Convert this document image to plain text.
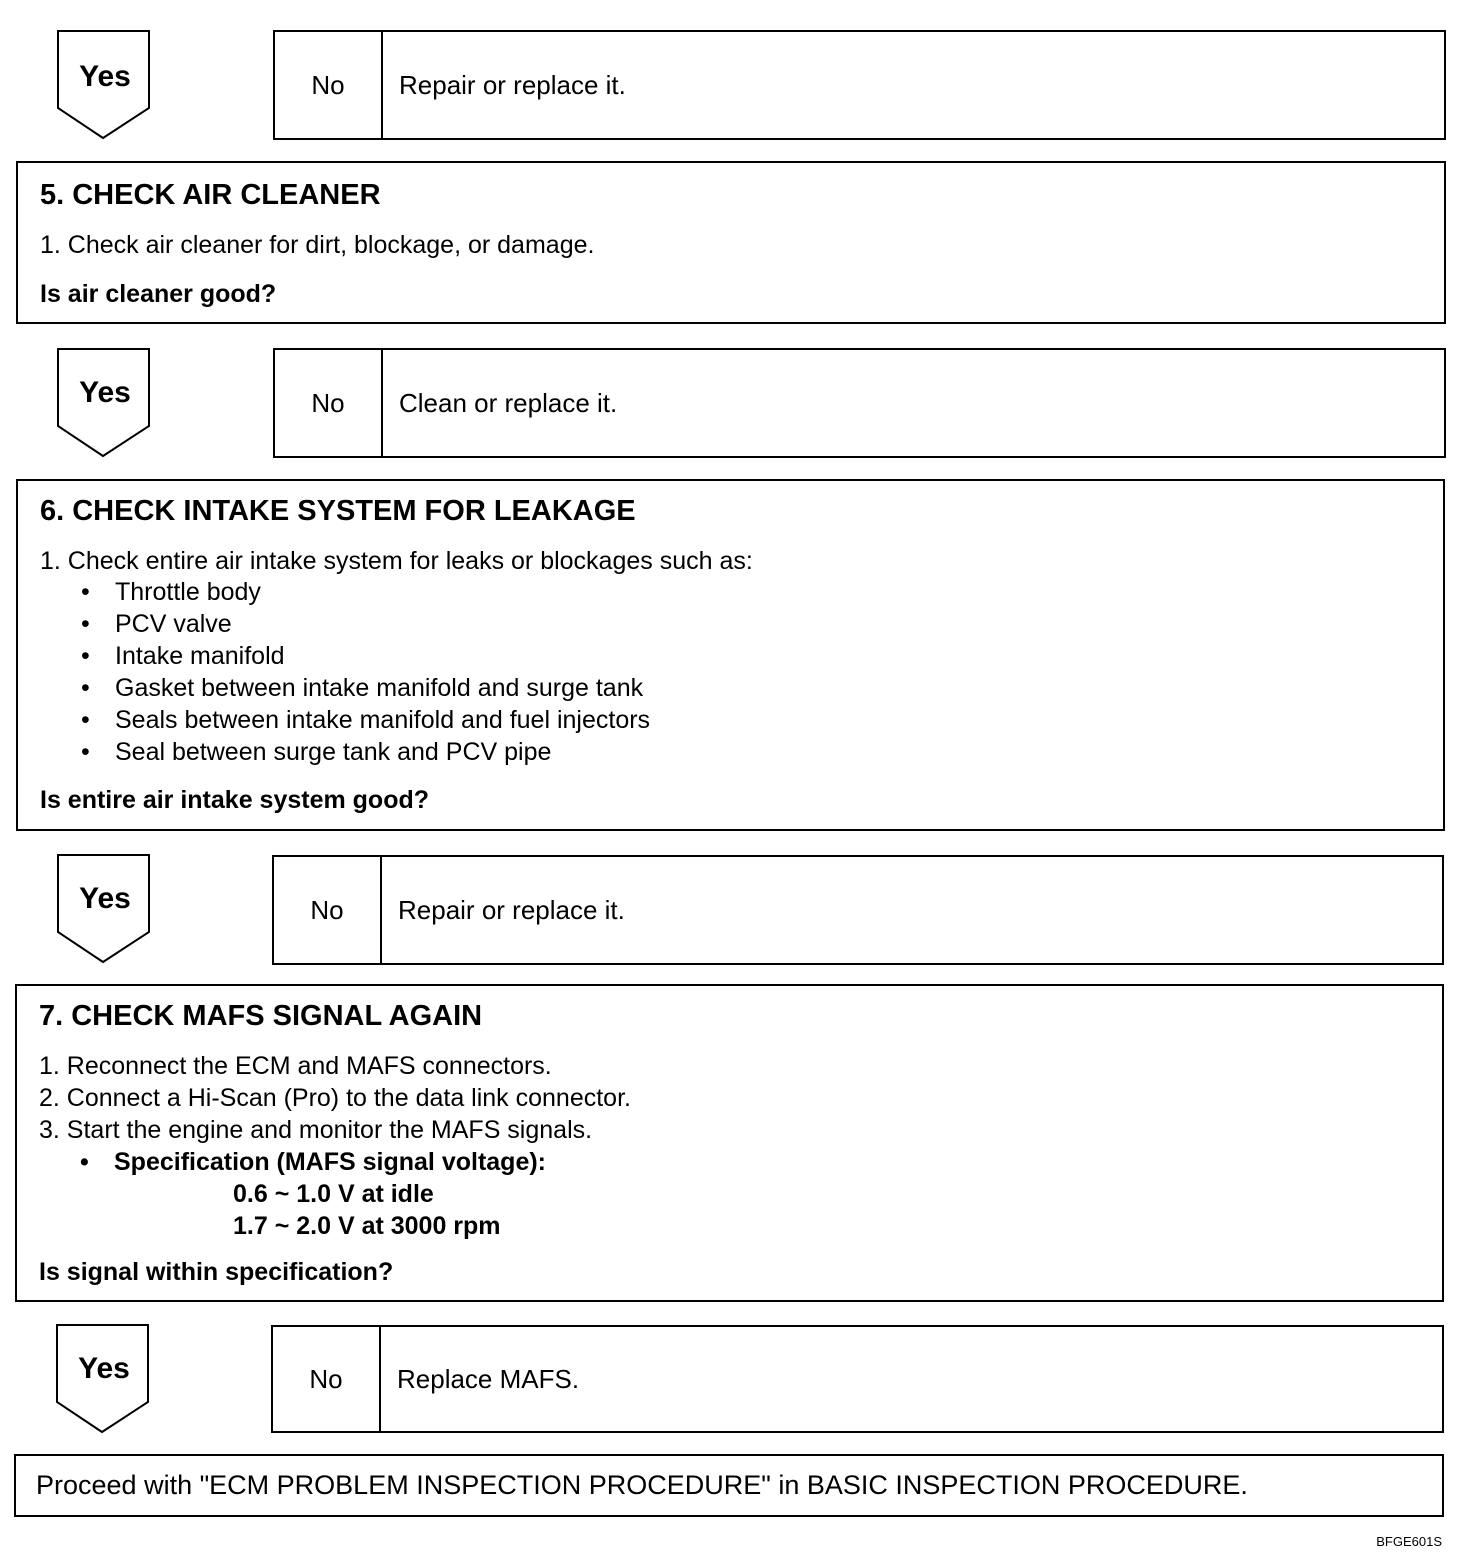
Yes	No	Repair or replace it.
5. CHECK AIR CLEANER
1. Check air cleaner for dirt, blockage, or damage.
Is air cleaner good?
Yes	No	Clean or replace it.
6. CHECK INTAKE SYSTEM FOR LEAKAGE
1. Check entire air intake system for leaks or blockages such as:
• Throttle body
• PCV valve
• Intake manifold
• Gasket between intake manifold and surge tank
• Seals between intake manifold and fuel injectors
• Seal between surge tank and PCV pipe
Is entire air intake system good?
Yes	No	Repair or replace it.
7. CHECK MAFS SIGNAL AGAIN
1. Reconnect the ECM and MAFS connectors.
2. Connect a Hi-Scan (Pro) to the data link connector.
3. Start the engine and monitor the MAFS signals.
• Specification (MAFS signal voltage):
0.6 ~ 1.0 V at idle
1.7 ~ 2.0 V at 3000 rpm
Is signal within specification?
Yes	No	Replace MAFS.
Proceed with "ECM PROBLEM INSPECTION PROCEDURE" in BASIC INSPECTION PROCEDURE.
BFGE601S
